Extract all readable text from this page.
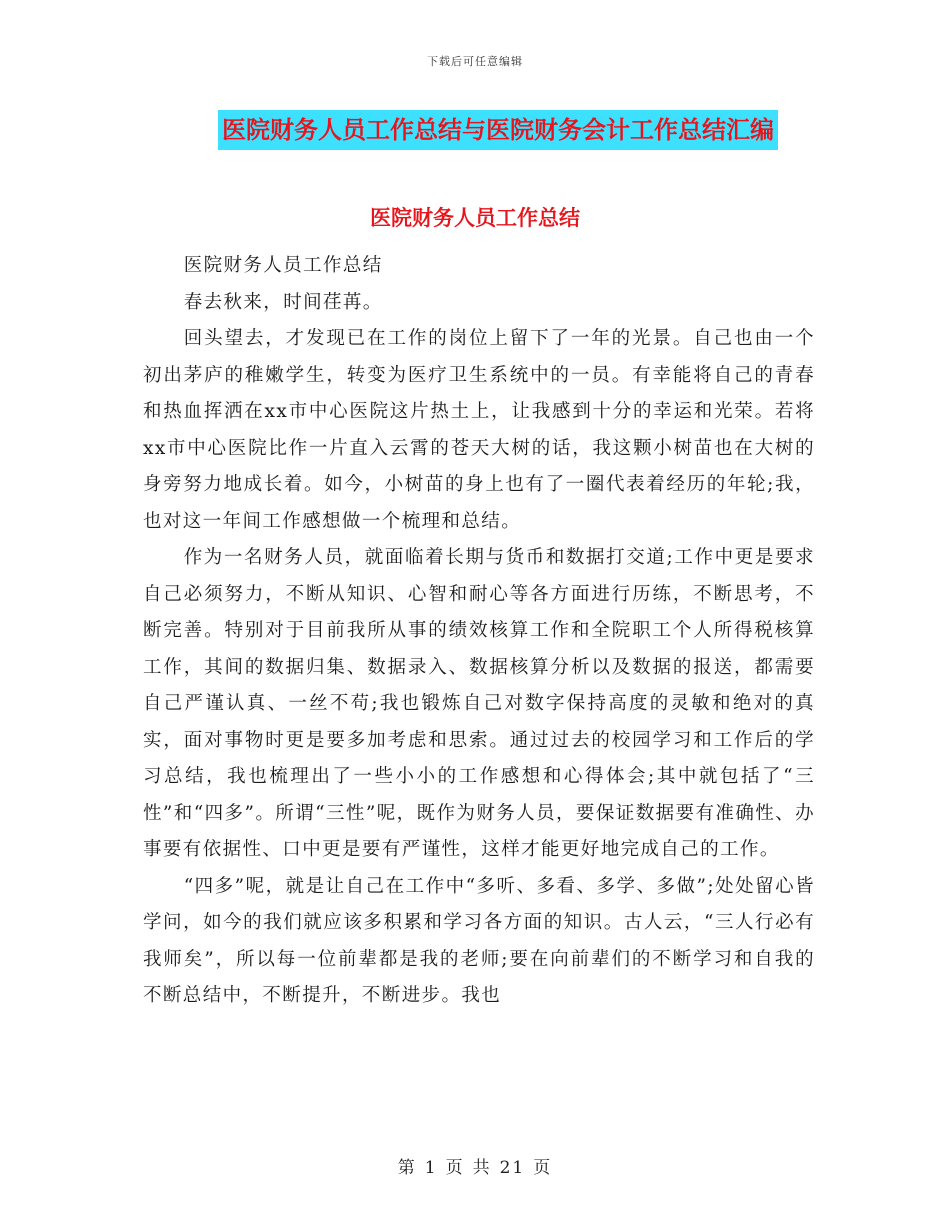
下载后可任意编辑
医院财务人员工作总结与医院财务会计工作总结汇编
医院财务人员工作总结

医院财务人员工作总结

春去秋来，时间荏苒。

回头望去，才发现已在工作的岗位上留下了一年的光景。自己也由一个初出茅庐的稚嫩学生，转变为医疗卫生系统中的一员。有幸能将自己的青春和热血挥洒在xx市中心医院这片热土上，让我感到十分的幸运和光荣。若将xx市中心医院比作一片直入云霄的苍天大树的话，我这颗小树苗也在大树的身旁努力地成长着。如今，小树苗的身上也有了一圈代表着经历的年轮;我，也对这一年间工作感想做一个梳理和总结。

作为一名财务人员，就面临着长期与货币和数据打交道;工作中更是要求自己必须努力，不断从知识、心智和耐心等各方面进行历练，不断思考，不断完善。特别对于目前我所从事的绩效核算工作和全院职工个人所得税核算工作，其间的数据归集、数据录入、数据核算分析以及数据的报送，都需要自己严谨认真、一丝不苟;我也锻炼自己对数字保持高度的灵敏和绝对的真实，面对事物时更是要多加考虑和思索。通过过去的校园学习和工作后的学习总结，我也梳理出了一些小小的工作感想和心得体会;其中就包括了“三性”和“四多”。所谓“三性”呢，既作为财务人员，要保证数据要有准确性、办事要有依据性、口中更是要有严谨性，这样才能更好地完成自己的工作。

“四多”呢，就是让自己在工作中“多听、多看、多学、多做”;处处留心皆学问，如今的我们就应该多积累和学习各方面的知识。古人云，“三人行必有我师矣”，所以每一位前辈都是我的老师;要在向前辈们的不断学习和自我的不断总结中，不断提升，不断进步。我也

第 1 页 共 21 页
